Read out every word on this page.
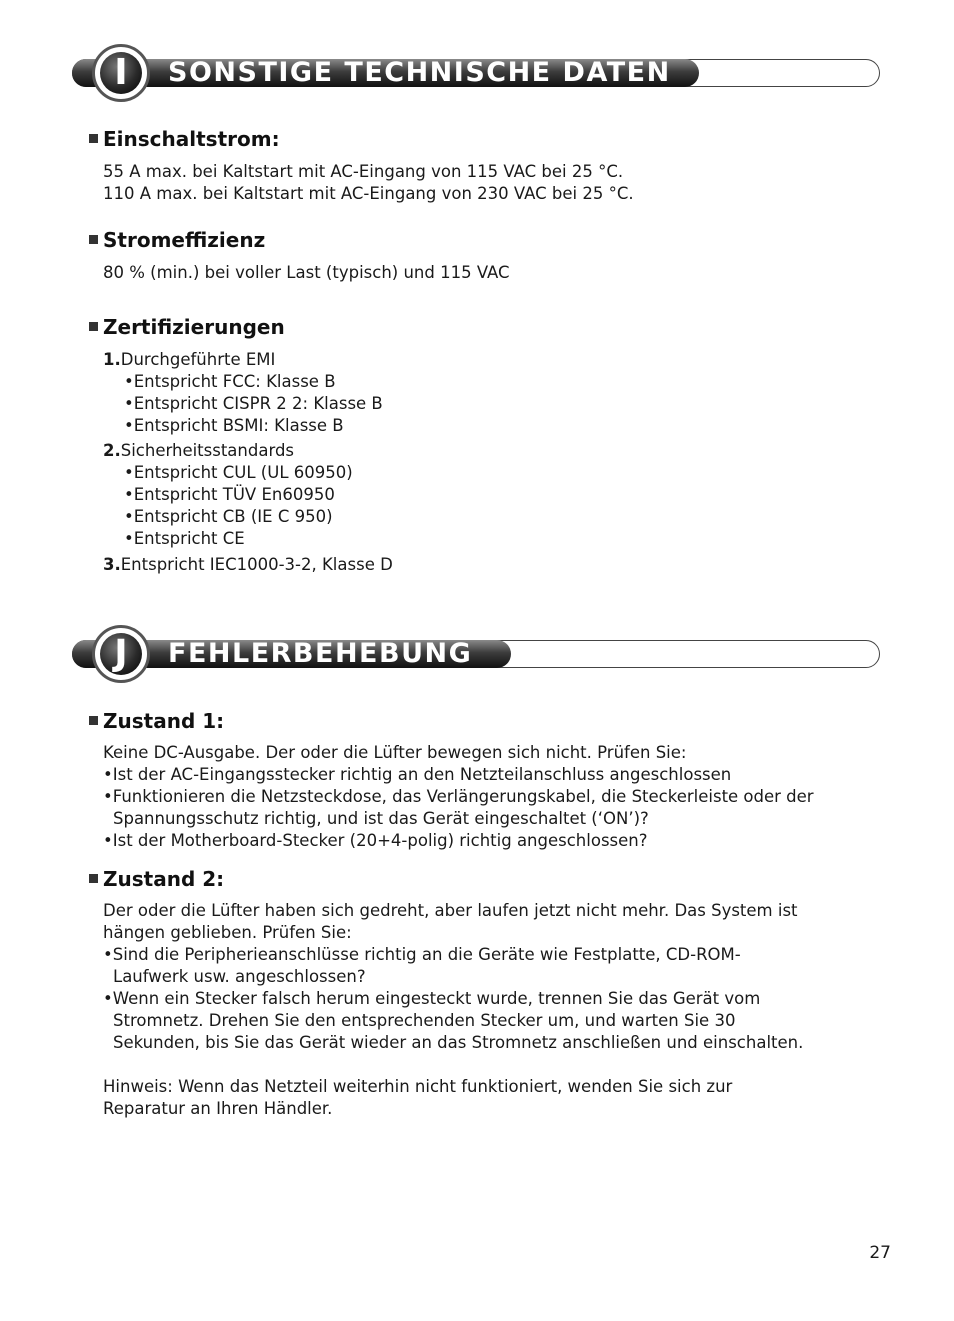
SONSTIGE TECHNISCHE DATEN
I
Einschaltstrom:
55 A max. bei Kaltstart mit AC-Eingang von 115 VAC bei 25 °C.
110 A max. bei Kaltstart mit AC-Eingang von 230 VAC bei 25 °C.
Stromeffizienz
80 % (min.) bei voller Last (typisch) und 115 VAC
Zertifizierungen
1.Durchgeführte EMI
•Entspricht FCC: Klasse B
•Entspricht CISPR 2 2: Klasse B
•Entspricht BSMI: Klasse B
2.Sicherheitsstandards
•Entspricht CUL (UL 60950)
•Entspricht TÜV En60950
•Entspricht CB (IE C 950)
•Entspricht CE
3.Entspricht IEC1000-3-2, Klasse D
FEHLERBEHEBUNG
J
Zustand 1:
Keine DC-Ausgabe. Der oder die Lüfter bewegen sich nicht. Prüfen Sie:
•Ist der AC-Eingangsstecker richtig an den Netzteilanschluss angeschlossen
•Funktionieren die Netzsteckdose, das Verlängerungskabel, die Steckerleiste oder der
Spannungsschutz richtig, und ist das Gerät eingeschaltet (‘ON’)?
•Ist der Motherboard-Stecker (20+4-polig) richtig angeschlossen?
Zustand 2:
Der oder die Lüfter haben sich gedreht, aber laufen jetzt nicht mehr. Das System ist
hängen geblieben. Prüfen Sie:
•Sind die Peripherieanschlüsse richtig an die Geräte wie Festplatte, CD-ROM-
Laufwerk usw. angeschlossen?
•Wenn ein Stecker falsch herum eingesteckt wurde, trennen Sie das Gerät vom
Stromnetz. Drehen Sie den entsprechenden Stecker um, und warten Sie 30
Sekunden, bis Sie das Gerät wieder an das Stromnetz anschließen und einschalten.
Hinweis: Wenn das Netzteil weiterhin nicht funktioniert, wenden Sie sich zur
Reparatur an Ihren Händler.
27
